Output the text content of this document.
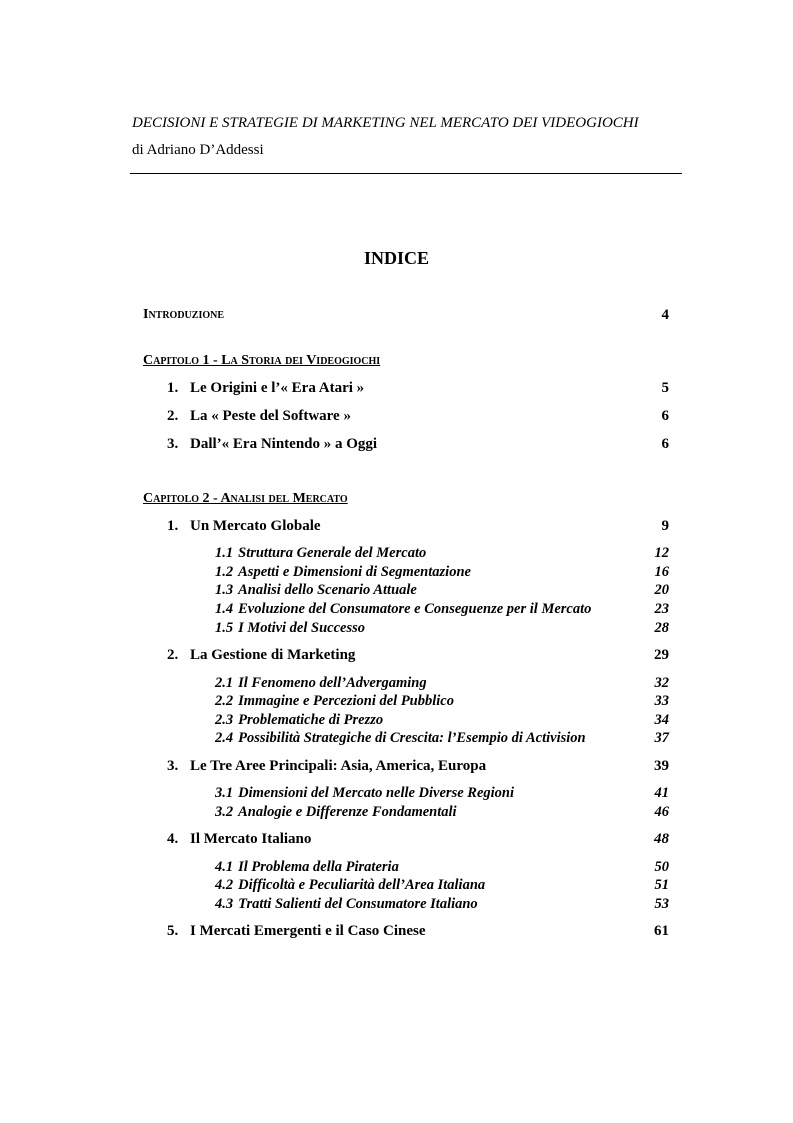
DECISIONI E STRATEGIE DI MARKETING NEL MERCATO DEI VIDEOGIOCHI
di Adriano D’Addessi
INDICE
Introduzione	4
Capitolo 1 - La Storia dei Videogiochi
1. Le Origini e l’« Era Atari »	5
2. La « Peste del Software »	6
3. Dall’« Era Nintendo » a Oggi	6
Capitolo 2 - Analisi del Mercato
1. Un Mercato Globale	9
1.1 Struttura Generale del Mercato	12
1.2 Aspetti e Dimensioni di Segmentazione	16
1.3 Analisi dello Scenario Attuale	20
1.4 Evoluzione del Consumatore e Conseguenze per il Mercato	23
1.5 I Motivi del Successo	28
2. La Gestione di Marketing	29
2.1 Il Fenomeno dell’Advergaming	32
2.2 Immagine e Percezioni del Pubblico	33
2.3 Problematiche di Prezzo	34
2.4 Possibilità Strategiche di Crescita: l’Esempio di Activision	37
3. Le Tre Aree Principali: Asia, America, Europa	39
3.1 Dimensioni del Mercato nelle Diverse Regioni	41
3.2 Analogie e Differenze Fondamentali	46
4. Il Mercato Italiano	48
4.1 Il Problema della Pirateria	50
4.2 Difficoltà e Peculiarità dell’Area Italiana	51
4.3 Tratti Salienti del Consumatore Italiano	53
5. I Mercati Emergenti e il Caso Cinese	61
